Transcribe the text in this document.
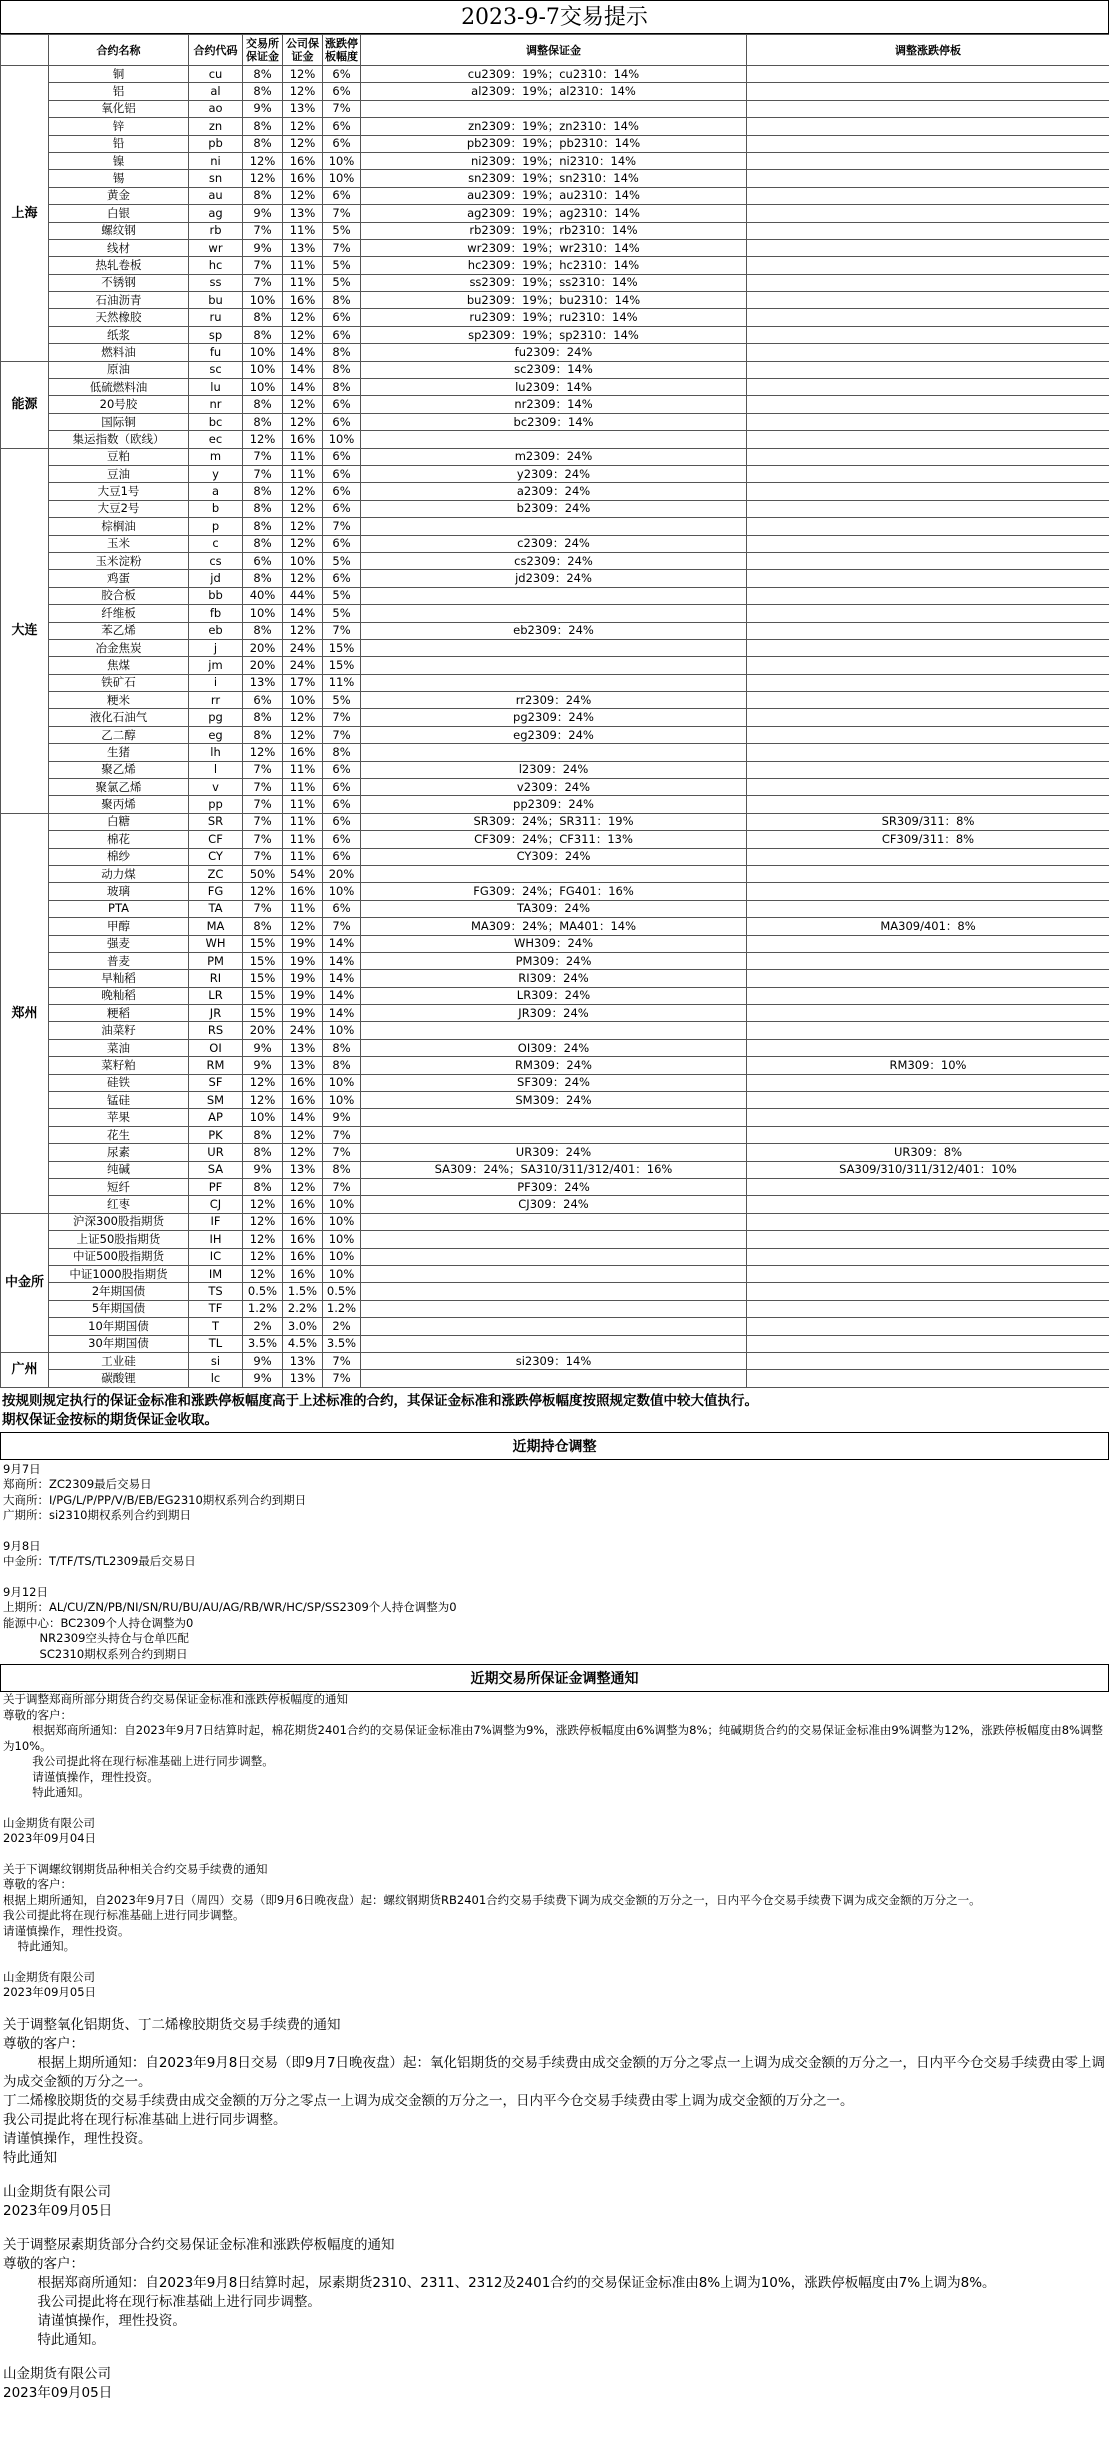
2023-9-7交易提示
	合约名称	合约代码	交易所保证金	公司保证金	涨跌停板幅度	调整保证金	调整涨跌停板
上海	铜	cu	8%	12%	6%	cu2309：19%；cu2310：14%	
	铝	al	8%	12%	6%	al2309：19%；al2310：14%	
	氧化铝	ao	9%	13%	7%		
	锌	zn	8%	12%	6%	zn2309：19%；zn2310：14%	
	铅	pb	8%	12%	6%	pb2309：19%；pb2310：14%	
	镍	ni	12%	16%	10%	ni2309：19%；ni2310：14%	
	锡	sn	12%	16%	10%	sn2309：19%；sn2310：14%	
	黄金	au	8%	12%	6%	au2309：19%；au2310：14%	
	白银	ag	9%	13%	7%	ag2309：19%；ag2310：14%	
	螺纹钢	rb	7%	11%	5%	rb2309：19%；rb2310：14%	
	线材	wr	9%	13%	7%	wr2309：19%；wr2310：14%	
	热轧卷板	hc	7%	11%	5%	hc2309：19%；hc2310：14%	
	不锈钢	ss	7%	11%	5%	ss2309：19%；ss2310：14%	
	石油沥青	bu	10%	16%	8%	bu2309：19%；bu2310：14%	
	天然橡胶	ru	8%	12%	6%	ru2309：19%；ru2310：14%	
	纸浆	sp	8%	12%	6%	sp2309：19%；sp2310：14%	
	燃料油	fu	10%	14%	8%	fu2309：24%	
能源	原油	sc	10%	14%	8%	sc2309：14%	
	低硫燃料油	lu	10%	14%	8%	lu2309：14%	
	20号胶	nr	8%	12%	6%	nr2309：14%	
	国际铜	bc	8%	12%	6%	bc2309：14%	
	集运指数（欧线）	ec	12%	16%	10%		
大连	豆粕	m	7%	11%	6%	m2309：24%	
	豆油	y	7%	11%	6%	y2309：24%	
	大豆1号	a	8%	12%	6%	a2309：24%	
	大豆2号	b	8%	12%	6%	b2309：24%	
	棕榈油	p	8%	12%	7%		
	玉米	c	8%	12%	6%	c2309：24%	
	玉米淀粉	cs	6%	10%	5%	cs2309：24%	
	鸡蛋	jd	8%	12%	6%	jd2309：24%	
	胶合板	bb	40%	44%	5%		
	纤维板	fb	10%	14%	5%		
	苯乙烯	eb	8%	12%	7%	eb2309：24%	
	冶金焦炭	j	20%	24%	15%		
	焦煤	jm	20%	24%	15%		
	铁矿石	i	13%	17%	11%		
	粳米	rr	6%	10%	5%	rr2309：24%	
	液化石油气	pg	8%	12%	7%	pg2309：24%	
	乙二醇	eg	8%	12%	7%	eg2309：24%	
	生猪	lh	12%	16%	8%		
	聚乙烯	l	7%	11%	6%	l2309：24%	
	聚氯乙烯	v	7%	11%	6%	v2309：24%	
	聚丙烯	pp	7%	11%	6%	pp2309：24%	
郑州	白糖	SR	7%	11%	6%	SR309：24%；SR311：19%	SR309/311：8%
	棉花	CF	7%	11%	6%	CF309：24%；CF311：13%	CF309/311：8%
	棉纱	CY	7%	11%	6%	CY309：24%	
	动力煤	ZC	50%	54%	20%		
	玻璃	FG	12%	16%	10%	FG309：24%；FG401：16%	
	PTA	TA	7%	11%	6%	TA309：24%	
	甲醇	MA	8%	12%	7%	MA309：24%；MA401：14%	MA309/401：8%
	强麦	WH	15%	19%	14%	WH309：24%	
	普麦	PM	15%	19%	14%	PM309：24%	
	早籼稻	RI	15%	19%	14%	RI309：24%	
	晚籼稻	LR	15%	19%	14%	LR309：24%	
	粳稻	JR	15%	19%	14%	JR309：24%	
	油菜籽	RS	20%	24%	10%		
	菜油	OI	9%	13%	8%	OI309：24%	
	菜籽粕	RM	9%	13%	8%	RM309：24%	RM309：10%
	硅铁	SF	12%	16%	10%	SF309：24%	
	锰硅	SM	12%	16%	10%	SM309：24%	
	苹果	AP	10%	14%	9%		
	花生	PK	8%	12%	7%		
	尿素	UR	8%	12%	7%	UR309：24%	UR309：8%
	纯碱	SA	9%	13%	8%	SA309：24%；SA310/311/312/401：16%	SA309/310/311/312/401：10%
	短纤	PF	8%	12%	7%	PF309：24%	
	红枣	CJ	12%	16%	10%	CJ309：24%	
中金所	沪深300股指期货	IF	12%	16%	10%		
	上证50股指期货	IH	12%	16%	10%		
	中证500股指期货	IC	12%	16%	10%		
	中证1000股指期货	IM	12%	16%	10%		
	2年期国债	TS	0.5%	1.5%	0.5%		
	5年期国债	TF	1.2%	2.2%	1.2%		
	10年期国债	T	2%	3.0%	2%		
	30年期国债	TL	3.5%	4.5%	3.5%		
广州	工业硅	si	9%	13%	7%	si2309：14%	
	碳酸锂	lc	9%	13%	7%		
按规则规定执行的保证金标准和涨跌停板幅度高于上述标准的合约，其保证金标准和涨跌停板幅度按照规定数值中较大值执行。
期权保证金按标的期货保证金收取。
近期持仓调整
9月7日
郑商所：ZC2309最后交易日
大商所：I/PG/L/P/PP/V/B/EB/EG2310期权系列合约到期日
广期所：si2310期权系列合约到期日
9月8日
中金所：T/TF/TS/TL2309最后交易日
9月12日
上期所：AL/CU/ZN/PB/NI/SN/RU/BU/AU/AG/RB/WR/HC/SP/SS2309个人持仓调整为0
能源中心：BC2309个人持仓调整为0
NR2309空头持仓与仓单匹配
SC2310期权系列合约到期日
近期交易所保证金调整通知
关于调整郑商所部分期货合约交易保证金标准和涨跌停板幅度的通知
尊敬的客户：
根据郑商所通知：自2023年9月7日结算时起，棉花期货2401合约的交易保证金标准由7%调整为9%，涨跌停板幅度由6%调整为8%；纯碱期货合约的交易保证金标准由9%调整为12%，涨跌停板幅度由8%调整为10%。
我公司提此将在现行标准基础上进行同步调整。
请谨慎操作，理性投资。
特此通知。
山金期货有限公司
2023年09月04日
关于下调螺纹钢期货品种相关合约交易手续费的通知
尊敬的客户：
根据上期所通知，自2023年9月7日（周四）交易（即9月6日晚夜盘）起：螺纹钢期货RB2401合约交易手续费下调为成交金额的万分之一，日内平今仓交易手续费下调为成交金额的万分之一。
我公司提此将在现行标准基础上进行同步调整。
请谨慎操作，理性投资。
特此通知。
山金期货有限公司
2023年09月05日
关于调整氧化铝期货、丁二烯橡胶期货交易手续费的通知
尊敬的客户：
根据上期所通知：自2023年9月8日交易（即9月7日晚夜盘）起：氧化铝期货的交易手续费由成交金额的万分之零点一上调为成交金额的万分之一，日内平今仓交易手续费由零上调为成交金额的万分之一。
丁二烯橡胶期货的交易手续费由成交金额的万分之零点一上调为成交金额的万分之一，日内平今仓交易手续费由零上调为成交金额的万分之一。
我公司提此将在现行标准基础上进行同步调整。
请谨慎操作，理性投资。
特此通知
山金期货有限公司
2023年09月05日
关于调整尿素期货部分合约交易保证金标准和涨跌停板幅度的通知
尊敬的客户：
根据郑商所通知：自2023年9月8日结算时起，尿素期货2310、2311、2312及2401合约的交易保证金标准由8%上调为10%，涨跌停板幅度由7%上调为8%。
我公司提此将在现行标准基础上进行同步调整。
请谨慎操作，理性投资。
特此通知。
山金期货有限公司
2023年09月05日
